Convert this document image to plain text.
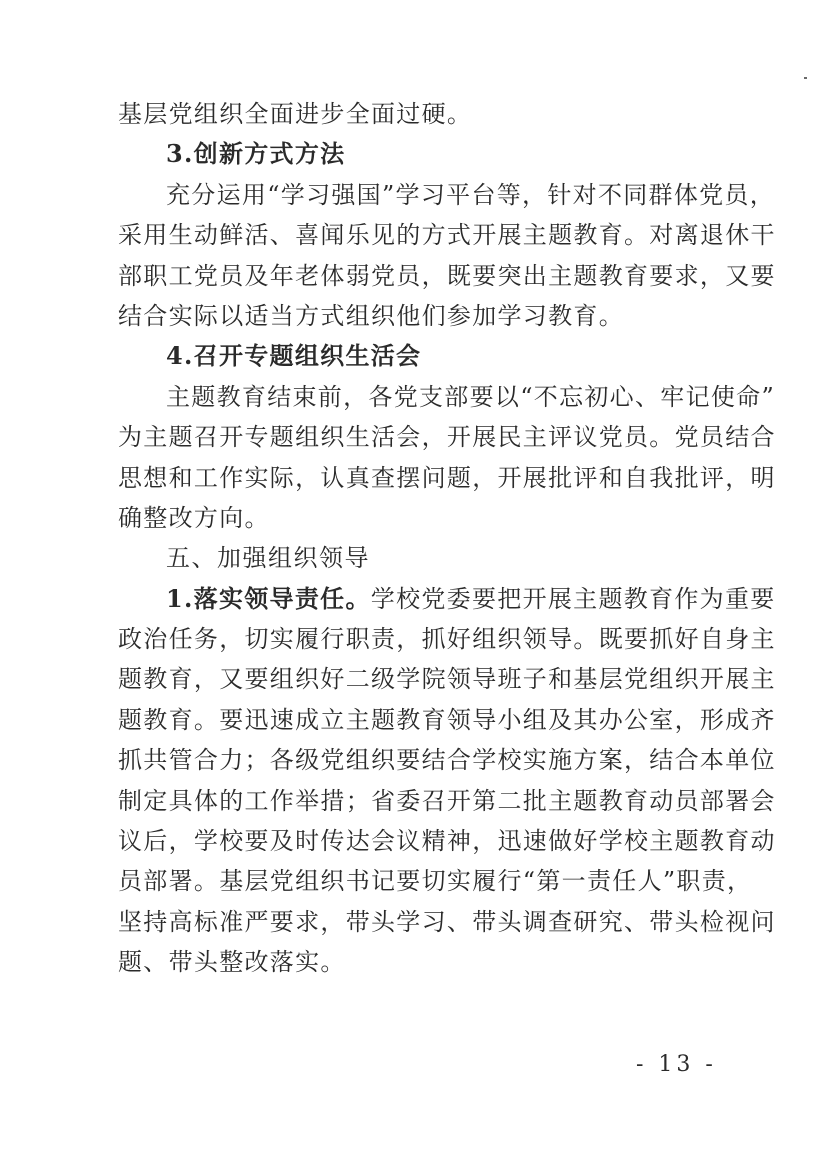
基层党组织全面进步全面过硬。
3.创新方式方法
充分运用“学习强国”学习平台等，针对不同群体党员，
采用生动鲜活、喜闻乐见的方式开展主题教育。对离退休干
部职工党员及年老体弱党员，既要突出主题教育要求，又要
结合实际以适当方式组织他们参加学习教育。
4.召开专题组织生活会
主题教育结束前，各党支部要以“不忘初心、牢记使命”
为主题召开专题组织生活会，开展民主评议党员。党员结合
思想和工作实际，认真查摆问题，开展批评和自我批评，明
确整改方向。
五、加强组织领导
1.落实领导责任。学校党委要把开展主题教育作为重要
政治任务，切实履行职责，抓好组织领导。既要抓好自身主
题教育，又要组织好二级学院领导班子和基层党组织开展主
题教育。要迅速成立主题教育领导小组及其办公室，形成齐
抓共管合力；各级党组织要结合学校实施方案，结合本单位
制定具体的工作举措；省委召开第二批主题教育动员部署会
议后，学校要及时传达会议精神，迅速做好学校主题教育动
员部署。基层党组织书记要切实履行“第一责任人”职责，
坚持高标准严要求，带头学习、带头调查研究、带头检视问
题、带头整改落实。
- 13 -
